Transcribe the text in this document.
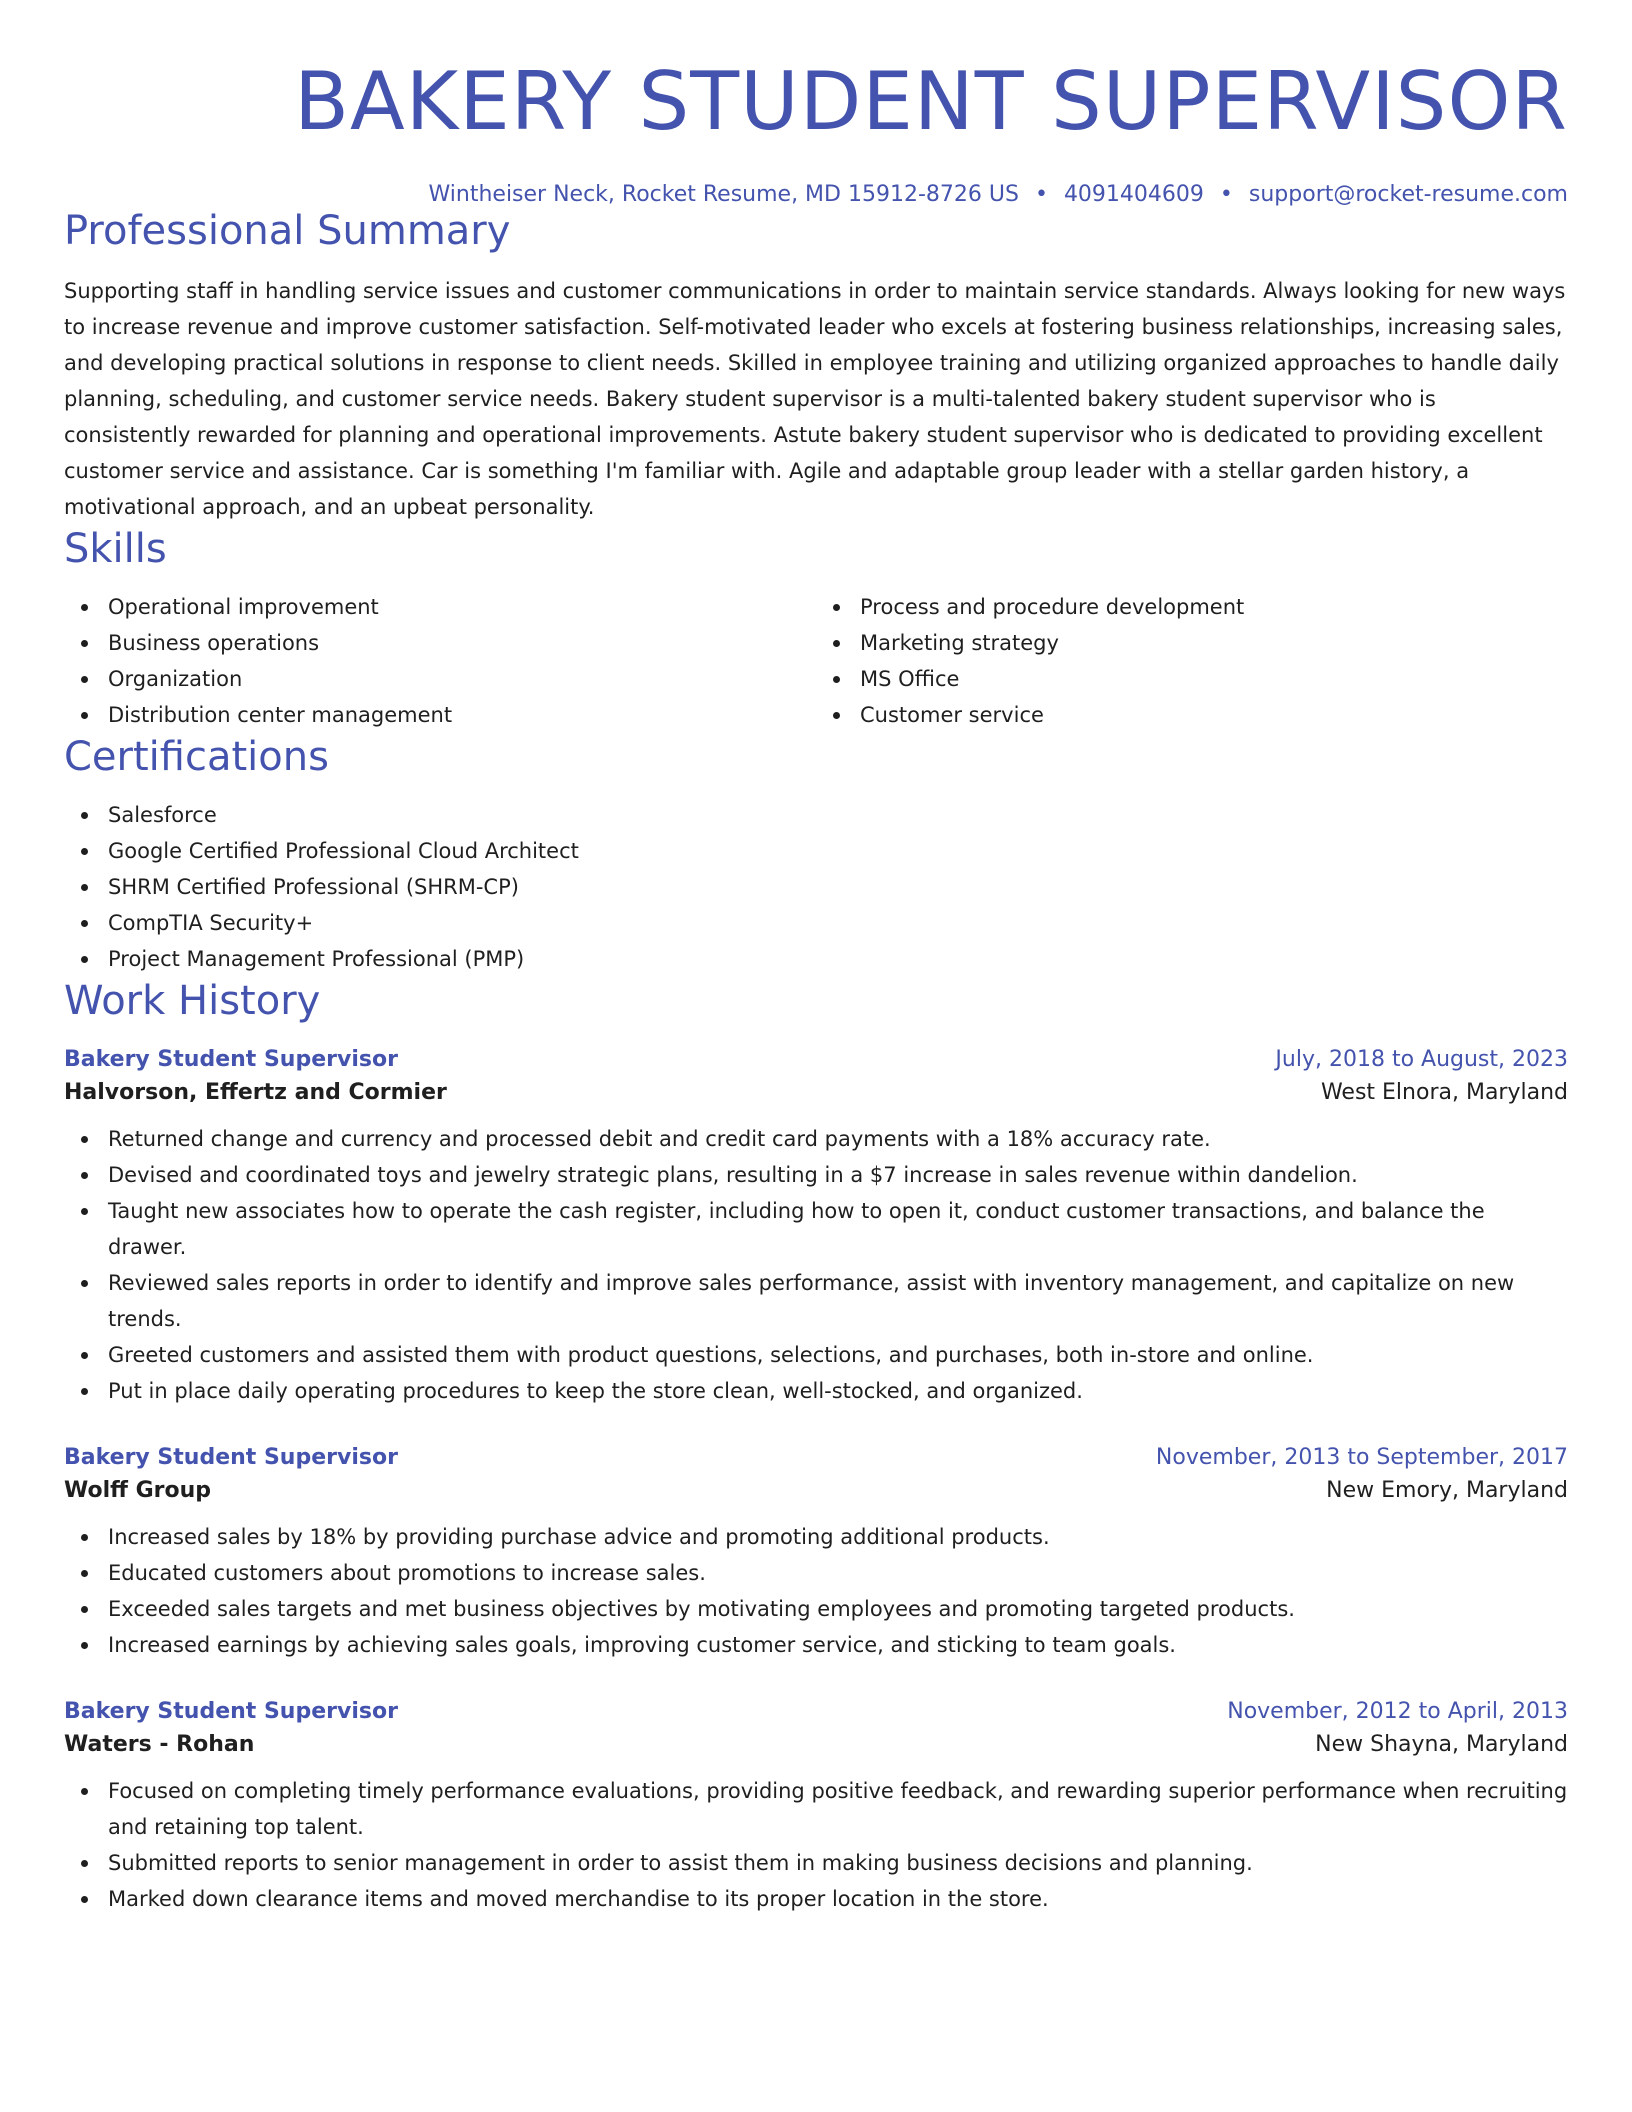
BAKERY STUDENT SUPERVISOR
Wintheiser Neck, Rocket Resume, MD 15912-8726 US • 4091404609 • support@rocket-resume.com
Professional Summary

Supporting staff in handling service issues and customer communications in order to maintain service standards. Always looking for new ways to increase revenue and improve customer satisfaction. Self-motivated leader who excels at fostering business relationships, increasing sales, and developing practical solutions in response to client needs. Skilled in employee training and utilizing organized approaches to handle daily planning, scheduling, and customer service needs. Bakery student supervisor is a multi-talented bakery student supervisor who is consistently rewarded for planning and operational improvements. Astute bakery student supervisor who is dedicated to providing excellent customer service and assistance. Car is something I'm familiar with. Agile and adaptable group leader with a stellar garden history, a motivational approach, and an upbeat personality.

Skills
Operational improvement
Business operations
Organization
Distribution center management
Process and procedure development
Marketing strategy
MS Office
Customer service
Certifications
Salesforce
Google Certified Professional Cloud Architect
SHRM Certified Professional (SHRM-CP)
CompTIA Security+
Project Management Professional (PMP)
Work History
Bakery Student Supervisor	July, 2018 to August, 2023
Halvorson, Effertz and Cormier	West Elnora, Maryland
Returned change and currency and processed debit and credit card payments with a 18% accuracy rate.
Devised and coordinated toys and jewelry strategic plans, resulting in a $7 increase in sales revenue within dandelion.
Taught new associates how to operate the cash register, including how to open it, conduct customer transactions, and balance the drawer.
Reviewed sales reports in order to identify and improve sales performance, assist with inventory management, and capitalize on new trends.
Greeted customers and assisted them with product questions, selections, and purchases, both in-store and online.
Put in place daily operating procedures to keep the store clean, well-stocked, and organized.
Bakery Student Supervisor	November, 2013 to September, 2017
Wolff Group	New Emory, Maryland
Increased sales by 18% by providing purchase advice and promoting additional products.
Educated customers about promotions to increase sales.
Exceeded sales targets and met business objectives by motivating employees and promoting targeted products.
Increased earnings by achieving sales goals, improving customer service, and sticking to team goals.
Bakery Student Supervisor	November, 2012 to April, 2013
Waters - Rohan	New Shayna, Maryland
Focused on completing timely performance evaluations, providing positive feedback, and rewarding superior performance when recruiting and retaining top talent.
Submitted reports to senior management in order to assist them in making business decisions and planning.
Marked down clearance items and moved merchandise to its proper location in the store.
